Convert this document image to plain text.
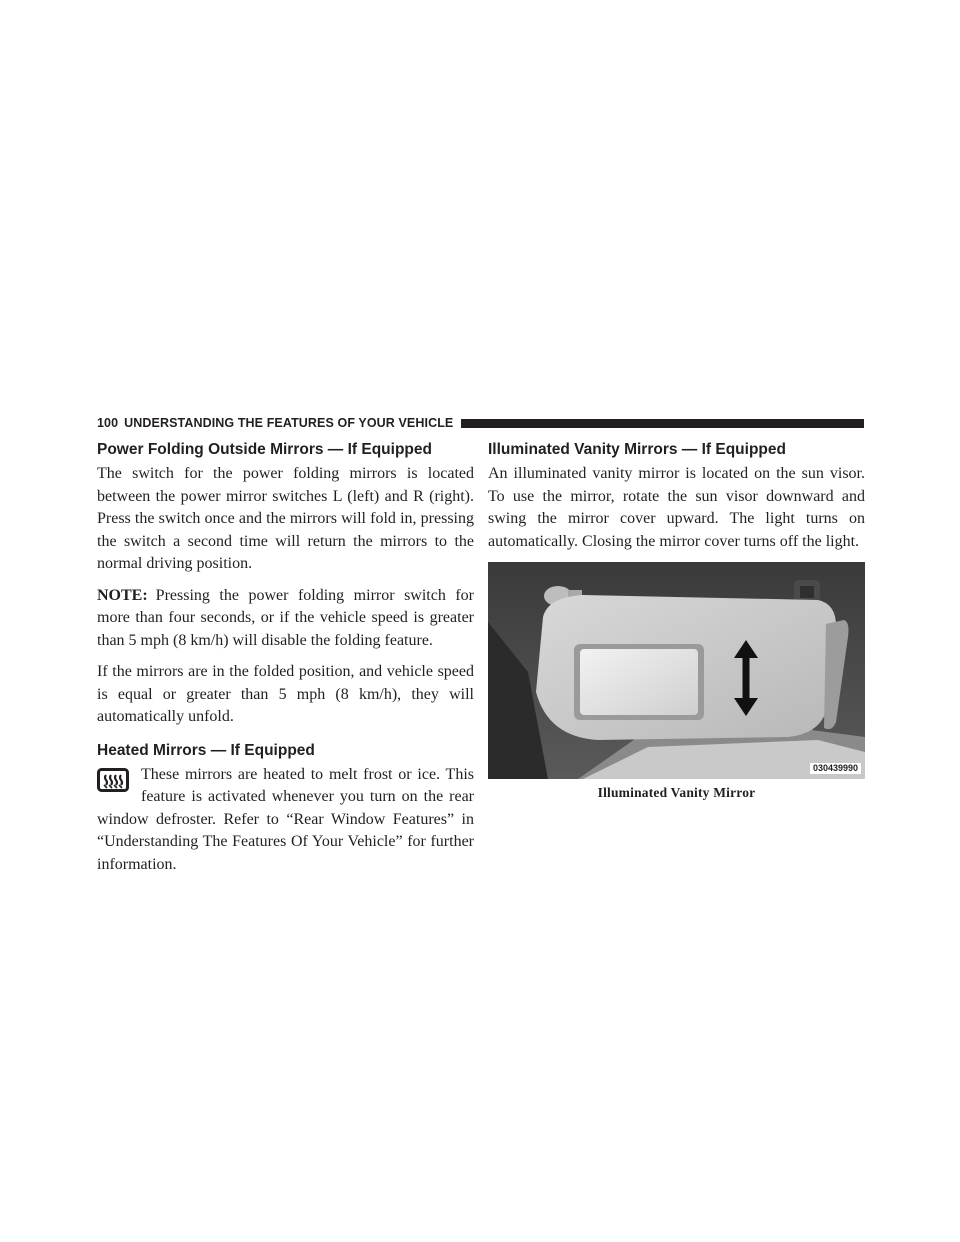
100 UNDERSTANDING THE FEATURES OF YOUR VEHICLE
Power Folding Outside Mirrors — If Equipped

The switch for the power folding mirrors is located between the power mirror switches L (left) and R (right). Press the switch once and the mirrors will fold in, pressing the switch a second time will return the mirrors to the normal driving position.

NOTE: Pressing the power folding mirror switch for more than four seconds, or if the vehicle speed is greater than 5 mph (8 km/h) will disable the folding feature.

If the mirrors are in the folded position, and vehicle speed is equal or greater than 5 mph (8 km/h), they will automatically unfold.

Heated Mirrors — If Equipped

These mirrors are heated to melt frost or ice. This feature is activated whenever you turn on the rear window defroster. Refer to “Rear Window Features” in “Understanding The Features Of Your Vehicle” for further information.

Illuminated Vanity Mirrors — If Equipped

An illuminated vanity mirror is located on the sun visor. To use the mirror, rotate the sun visor downward and swing the mirror cover upward. The light turns on automatically. Closing the mirror cover turns off the light.

030439990
Illuminated Vanity Mirror
